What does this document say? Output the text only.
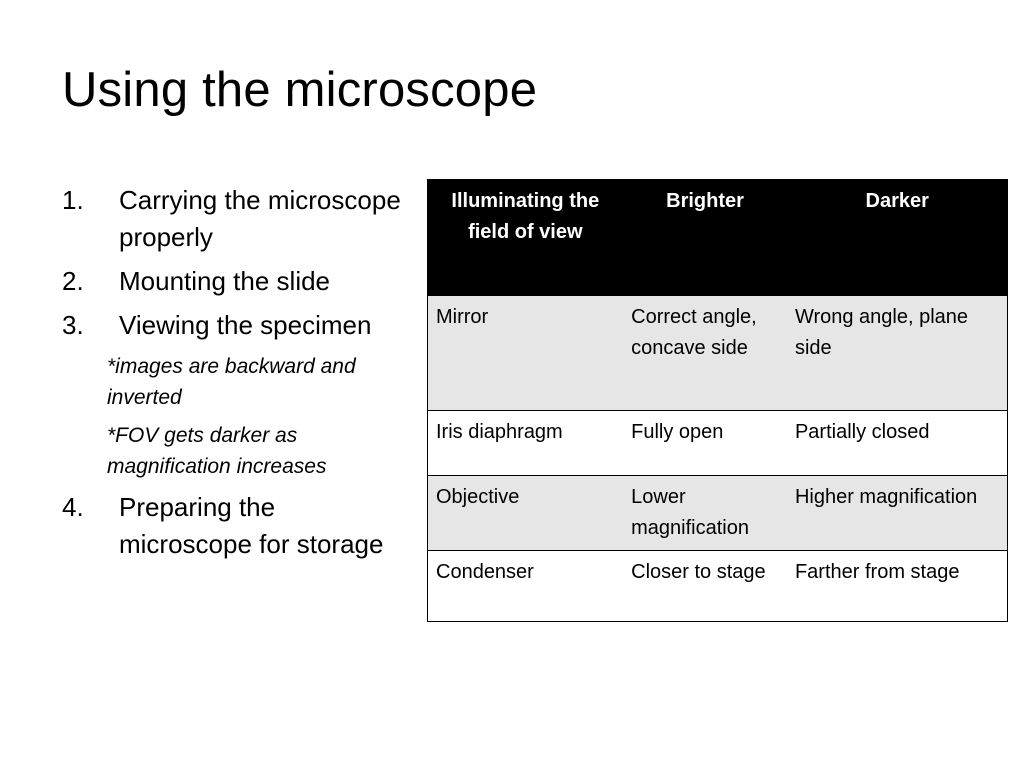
Using the microscope
1. Carrying the microscope properly
2. Mounting the slide
3. Viewing the specimen
*images are backward and inverted
*FOV gets darker as magnification increases
4. Preparing the microscope for storage
Illuminating the field of view	Brighter	Darker
Mirror	Correct angle, concave side	Wrong angle, plane side
Iris diaphragm	Fully open	Partially closed
Objective	Lower magnification	Higher magnification
Condenser	Closer to stage	Farther from stage
